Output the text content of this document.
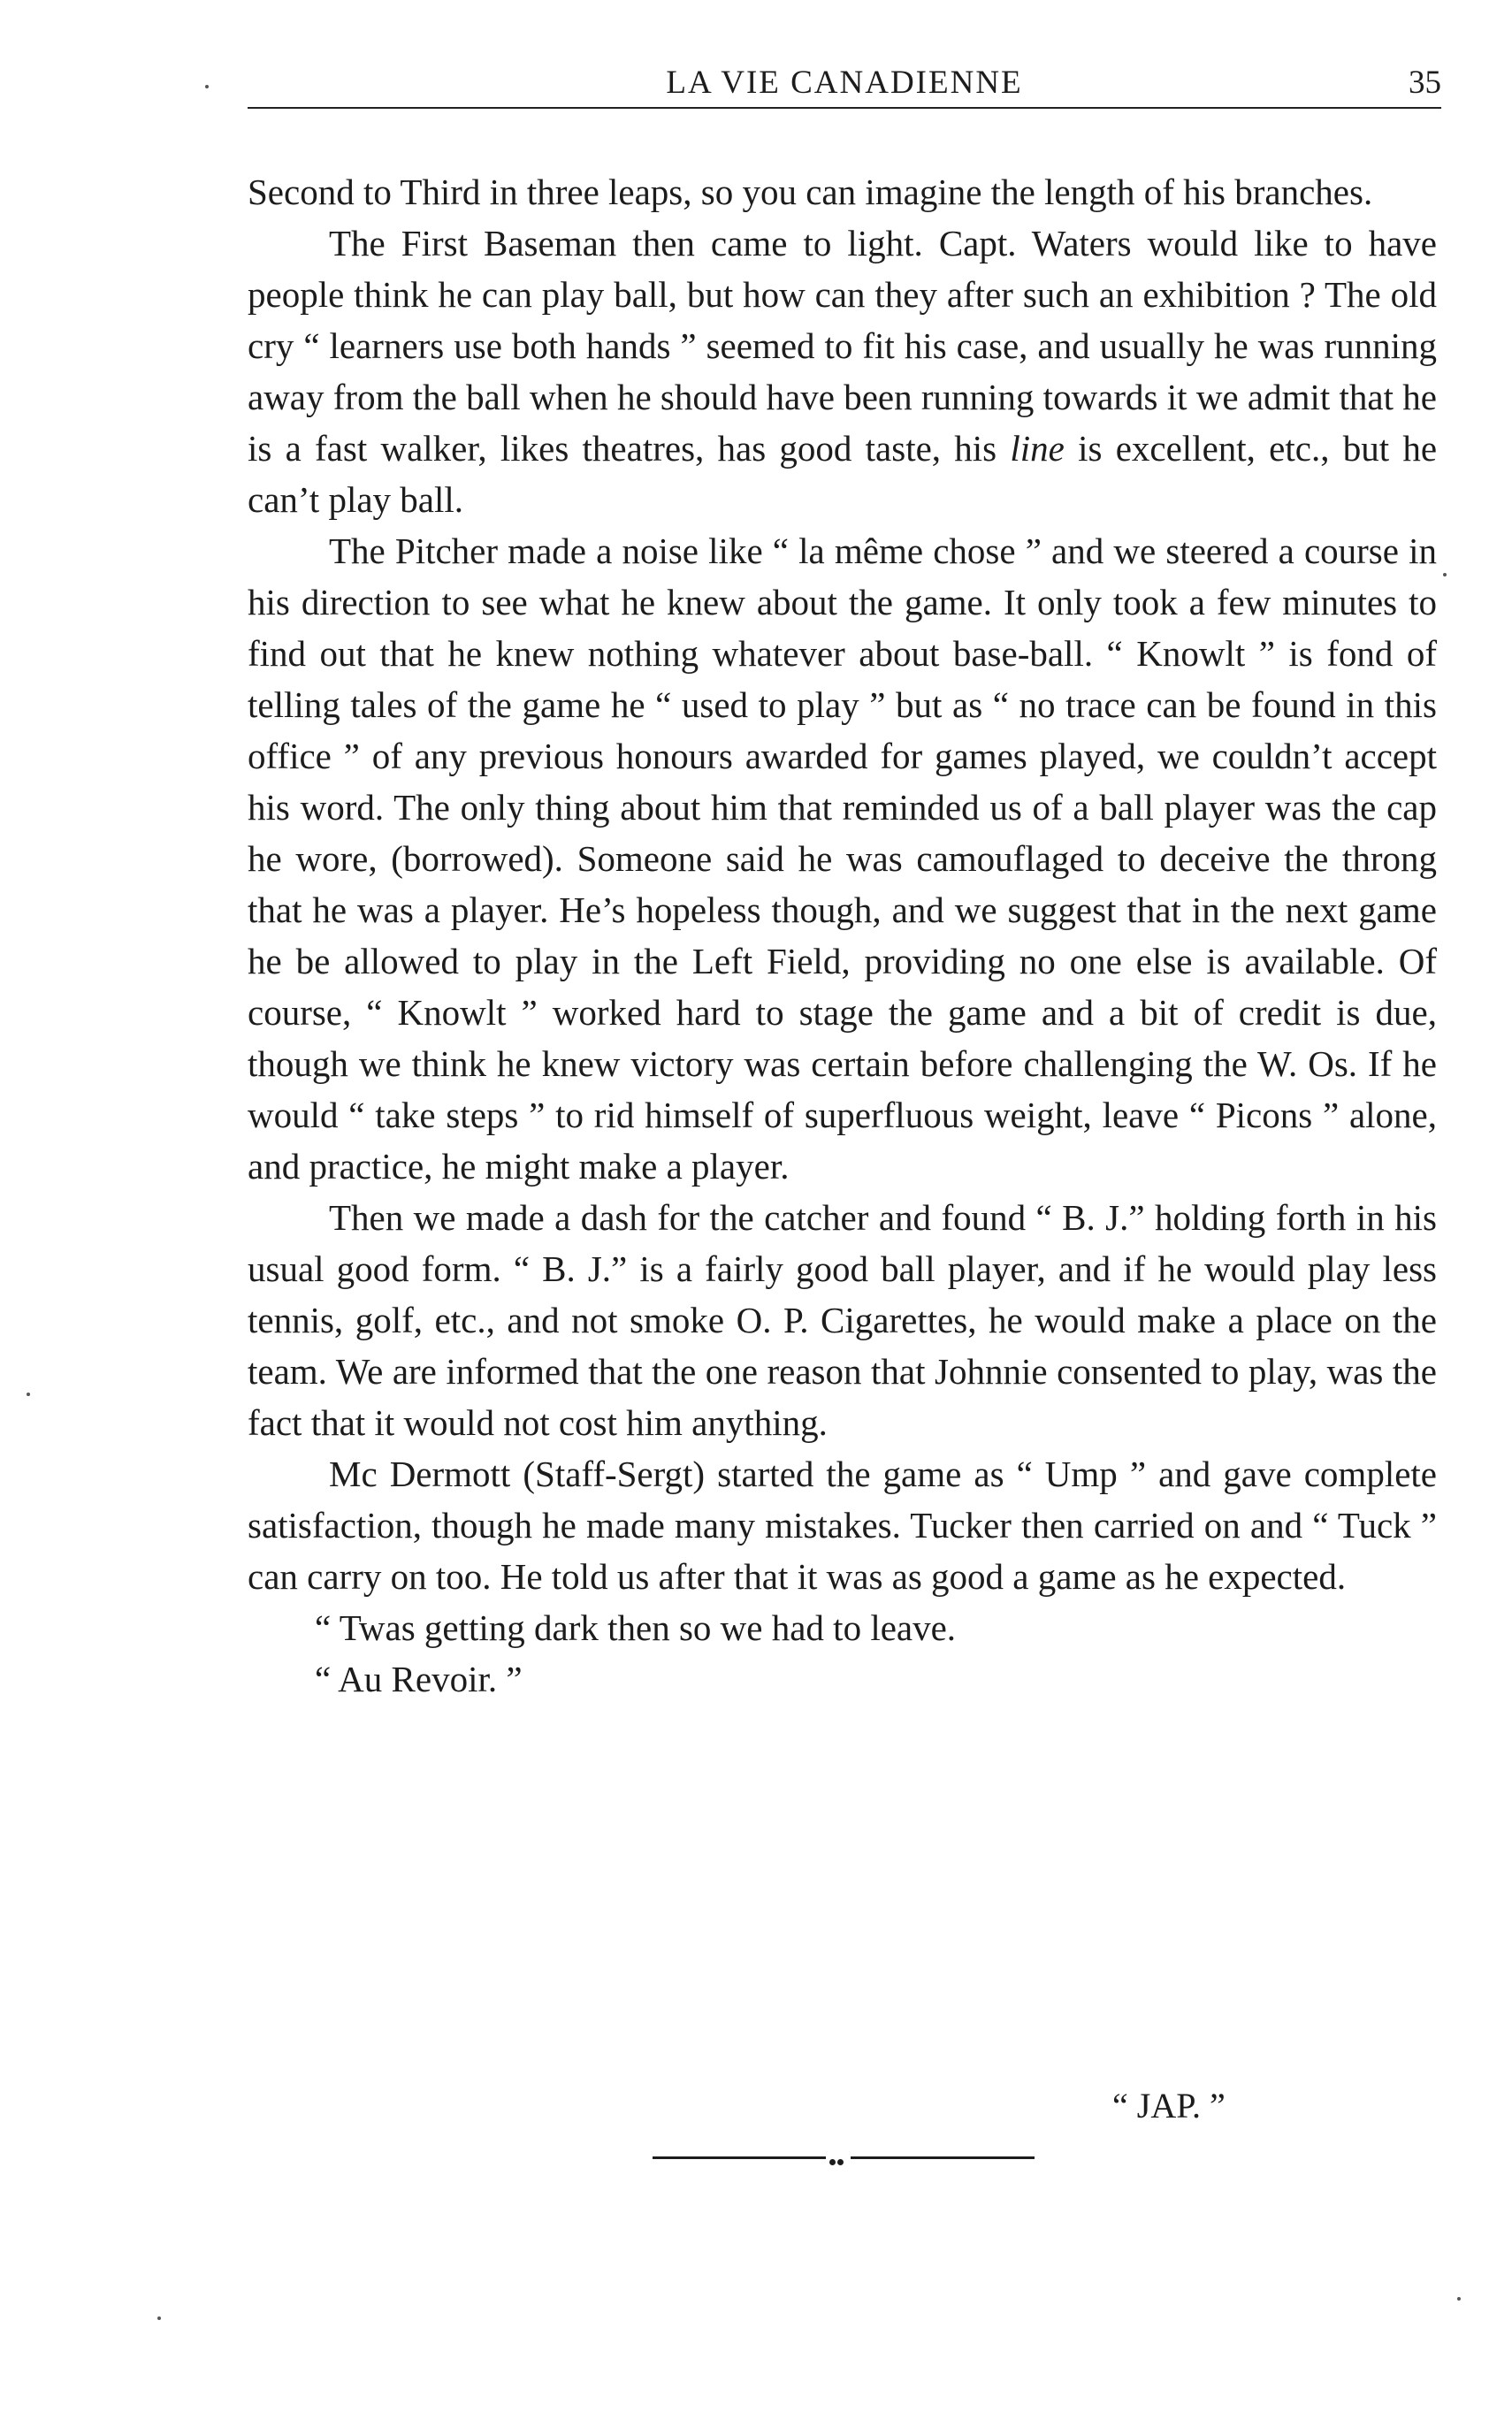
LA VIE CANADIENNE	35

Second to Third in three leaps, so you can imagine the length of his branches.

The First Baseman then came to light. Capt. Waters would like to have people think he can play ball, but how can they after such an exhibition ? The old cry “ learners use both hands ” seemed to fit his case, and usually he was running away from the ball when he should have been running towards it we admit that he is a fast walker, likes theatres, has good taste, his line is excellent, etc., but he can’t play ball.

The Pitcher made a noise like “ la même chose ” and we steered a course in his direction to see what he knew about the game. It only took a few minutes to find out that he knew nothing whatever about base-ball. “ Knowlt ” is fond of telling tales of the game he “ used to play ” but as “ no trace can be found in this office ” of any previous honours awarded for games played, we couldn’t accept his word. The only thing about him that reminded us of a ball player was the cap he wore, (borrowed). Someone said he was camouflaged to deceive the throng that he was a player. He’s hopeless though, and we suggest that in the next game he be allowed to play in the Left Field, providing no one else is available. Of course, “ Knowlt ” worked hard to stage the game and a bit of credit is due, though we think he knew victory was certain before challenging the W. Os. If he would “ take steps ” to rid himself of superfluous weight, leave “ Picons ” alone, and practice, he might make a player.

Then we made a dash for the catcher and found “ B. J.” holding forth in his usual good form. “ B. J.” is a fairly good ball player, and if he would play less tennis, golf, etc., and not smoke O. P. Cigarettes, he would make a place on the team. We are informed that the one reason that Johnnie consented to play, was the fact that it would not cost him anything.

Mc Dermott (Staff-Sergt) started the game as “ Ump ” and gave complete satisfaction, though he made many mistakes. Tucker then carried on and “ Tuck ” can carry on too. He told us after that it was as good a game as he expected.

“ Twas getting dark then so we had to leave.

“ Au Revoir. ”

“ JAP. ”
